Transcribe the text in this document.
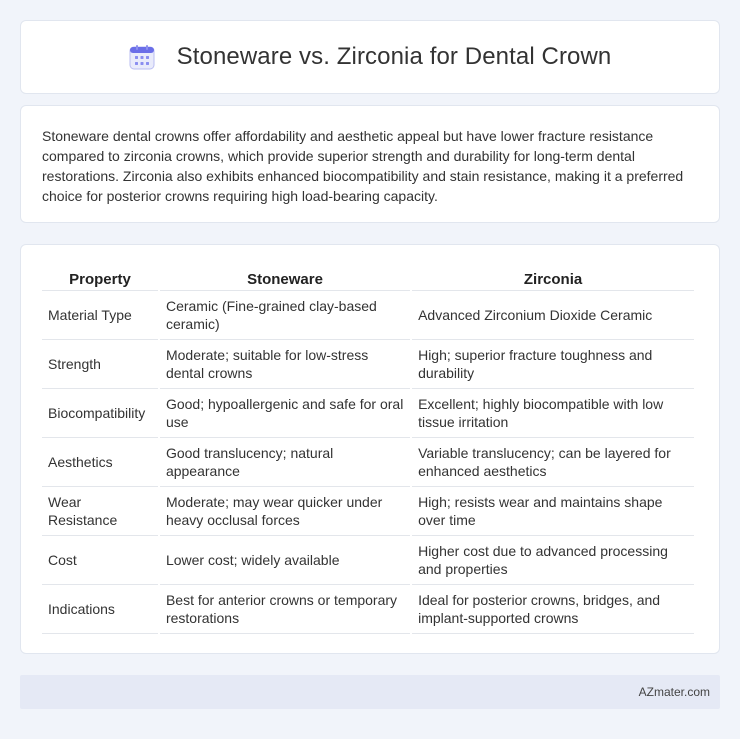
Stoneware vs. Zirconia for Dental Crown

Stoneware dental crowns offer affordability and aesthetic appeal but have lower fracture resistance compared to zirconia crowns, which provide superior strength and durability for long-term dental restorations. Zirconia also exhibits enhanced biocompatibility and stain resistance, making it a preferred choice for posterior crowns requiring high load-bearing capacity.

Property	Stoneware	Zirconia
Material Type	Ceramic (Fine-grained clay-based ceramic)	Advanced Zirconium Dioxide Ceramic
Strength	Moderate; suitable for low-stress dental crowns	High; superior fracture toughness and durability
Biocompatibility	Good; hypoallergenic and safe for oral use	Excellent; highly biocompatible with low tissue irritation
Aesthetics	Good translucency; natural appearance	Variable translucency; can be layered for enhanced aesthetics
Wear Resistance	Moderate; may wear quicker under heavy occlusal forces	High; resists wear and maintains shape over time
Cost	Lower cost; widely available	Higher cost due to advanced processing and properties
Indications	Best for anterior crowns or temporary restorations	Ideal for posterior crowns, bridges, and implant-supported crowns
AZmater.com
